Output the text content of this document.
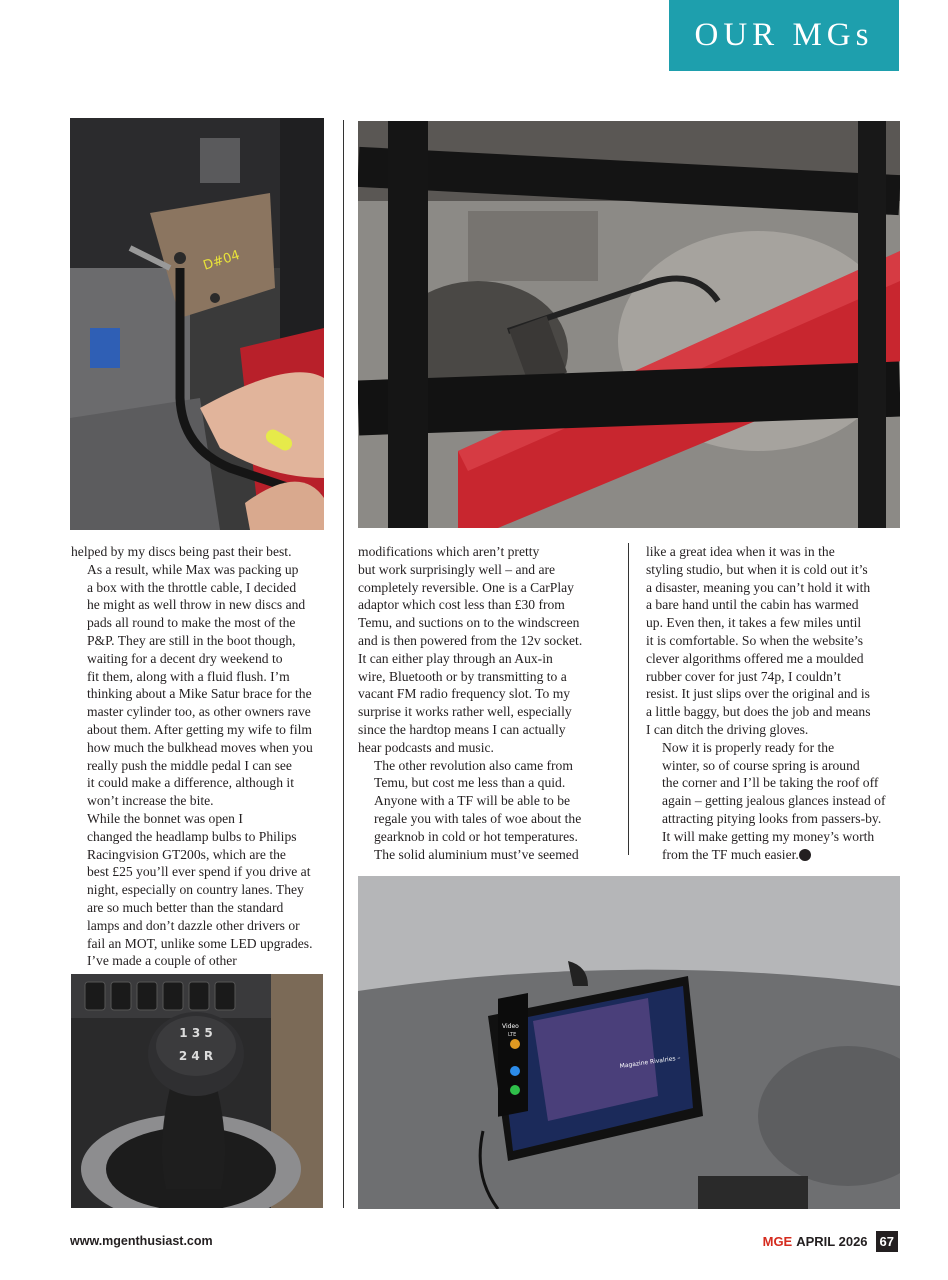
OUR MGs
D#04
1 3 5
2 4 R
Video
LTE
Magazine Rivalries –

helped by my discs being past their best.

As a result, while Max was packing up
a box with the throttle cable, I decided
he might as well throw in new discs and
pads all round to make the most of the
P&P. They are still in the boot though,
waiting for a decent dry weekend to
fit them, along with a fluid flush. I’m
thinking about a Mike Satur brace for the
master cylinder too, as other owners rave
about them. After getting my wife to film
how much the bulkhead moves when you
really push the middle pedal I can see
it could make a difference, although it
won’t increase the bite.

While the bonnet was open I
changed the headlamp bulbs to Philips
Racingvision GT200s, which are the
best £25 you’ll ever spend if you drive at
night, especially on country lanes. They
are so much better than the standard
lamps and don’t dazzle other drivers or
fail an MOT, unlike some LED upgrades.

I’ve made a couple of other

modifications which aren’t pretty
but work surprisingly well – and are
completely reversible. One is a CarPlay
adaptor which cost less than £30 from
Temu, and suctions on to the windscreen
and is then powered from the 12v socket.
It can either play through an Aux-in
wire, Bluetooth or by transmitting to a
vacant FM radio frequency slot. To my
surprise it works rather well, especially
since the hardtop means I can actually
hear podcasts and music.

The other revolution also came from
Temu, but cost me less than a quid.
Anyone with a TF will be able to be
regale you with tales of woe about the
gearknob in cold or hot temperatures.
The solid aluminium must’ve seemed

like a great idea when it was in the
styling studio, but when it is cold out it’s
a disaster, meaning you can’t hold it with
a bare hand until the cabin has warmed
up. Even then, it takes a few miles until
it is comfortable. So when the website’s
clever algorithms offered me a moulded
rubber cover for just 74p, I couldn’t
resist. It just slips over the original and is
a little baggy, but does the job and means
I can ditch the driving gloves.

Now it is properly ready for the
winter, so of course spring is around
the corner and I’ll be taking the roof off
again – getting jealous glances instead of
attracting pitying looks from passers-by.
It will make getting my money’s worth
from the TF much easier. MG

www.mgenthusiast.com	MGE APRIL 2026 67
